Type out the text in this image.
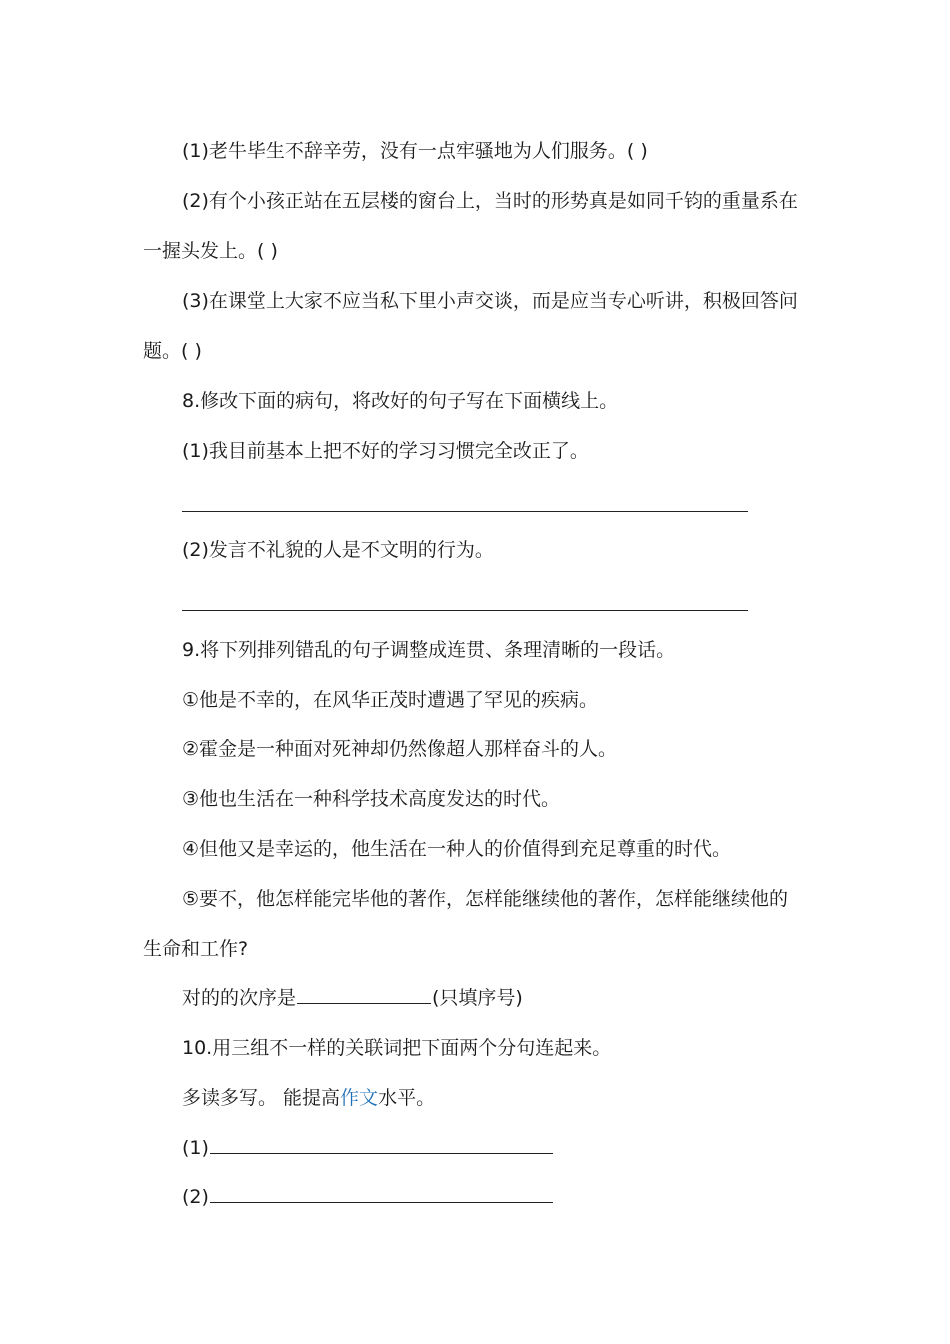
(1)老牛毕生不辞辛劳，没有一点牢骚地为人们服务。( )
(2)有个小孩正站在五层楼的窗台上，当时的形势真是如同千钧的重量系在
一握头发上。( )
(3)在课堂上大家不应当私下里小声交谈，而是应当专心听讲，积极回答问
题。( )
8.修改下面的病句，将改好的句子写在下面横线上。
(1)我目前基本上把不好的学习习惯完全改正了。
(2)发言不礼貌的人是不文明的行为。
9.将下列排列错乱的句子调整成连贯、条理清晰的一段话。
①他是不幸的，在风华正茂时遭遇了罕见的疾病。
②霍金是一种面对死神却仍然像超人那样奋斗的人。
③他也生活在一种科学技术高度发达的时代。
④但他又是幸运的，他生活在一种人的价值得到充足尊重的时代。
⑤要不，他怎样能完毕他的著作，怎样能继续他的著作，怎样能继续他的
生命和工作?
对的的次序是	(只填序号)
10.用三组不一样的关联词把下面两个分句连起来。
多读多写。 能提高作文水平。
(1)
(2)
